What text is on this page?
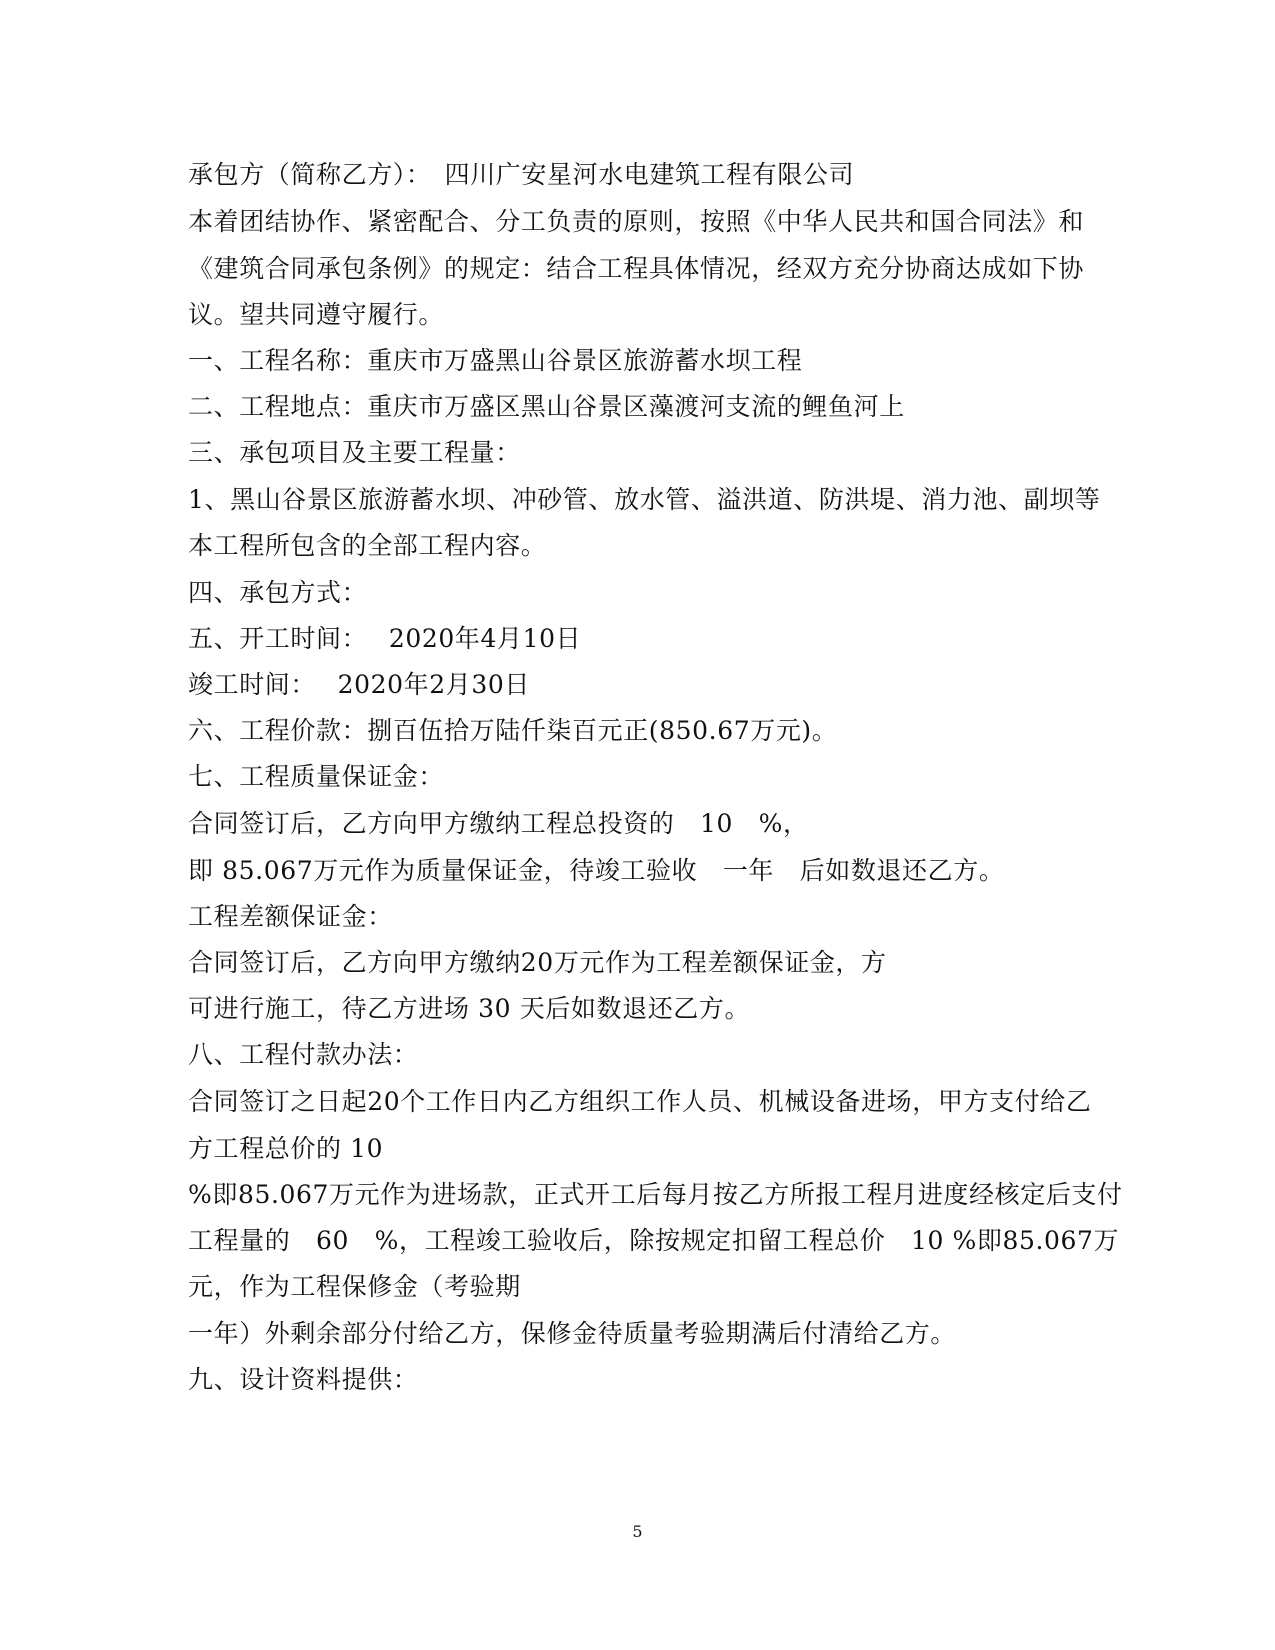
承包方（简称乙方）：　四川广安星河水电建筑工程有限公司
本着团结协作、紧密配合、分工负责的原则，按照《中华人民共和国合同法》和
《建筑合同承包条例》的规定：结合工程具体情况，经双方充分协商达成如下协
议。望共同遵守履行。
一、工程名称：重庆市万盛黑山谷景区旅游蓄水坝工程
二、工程地点：重庆市万盛区黑山谷景区藻渡河支流的鲤鱼河上
三、承包项目及主要工程量：
1、黑山谷景区旅游蓄水坝、冲砂管、放水管、溢洪道、防洪堤、消力池、副坝等
本工程所包含的全部工程内容。
四、承包方式：
五、开工时间：　 2020年4月10日
竣工时间：　 2020年2月30日
六、工程价款：捌百伍拾万陆仟柒百元正(850.67万元)。
七、工程质量保证金：
合同签订后，乙方向甲方缴纳工程总投资的　10　%，
即 85.067万元作为质量保证金，待竣工验收　一年　后如数退还乙方。
工程差额保证金：
合同签订后，乙方向甲方缴纳20万元作为工程差额保证金，方
可进行施工，待乙方进场 30 天后如数退还乙方。
八、工程付款办法：
合同签订之日起20个工作日内乙方组织工作人员、机械设备进场，甲方支付给乙
方工程总价的 10
%即85.067万元作为进场款，正式开工后每月按乙方所报工程月进度经核定后支付
工程量的　60　%，工程竣工验收后，除按规定扣留工程总价　10 %即85.067万
元，作为工程保修金（考验期
一年）外剩余部分付给乙方，保修金待质量考验期满后付清给乙方。
九、设计资料提供：
5
